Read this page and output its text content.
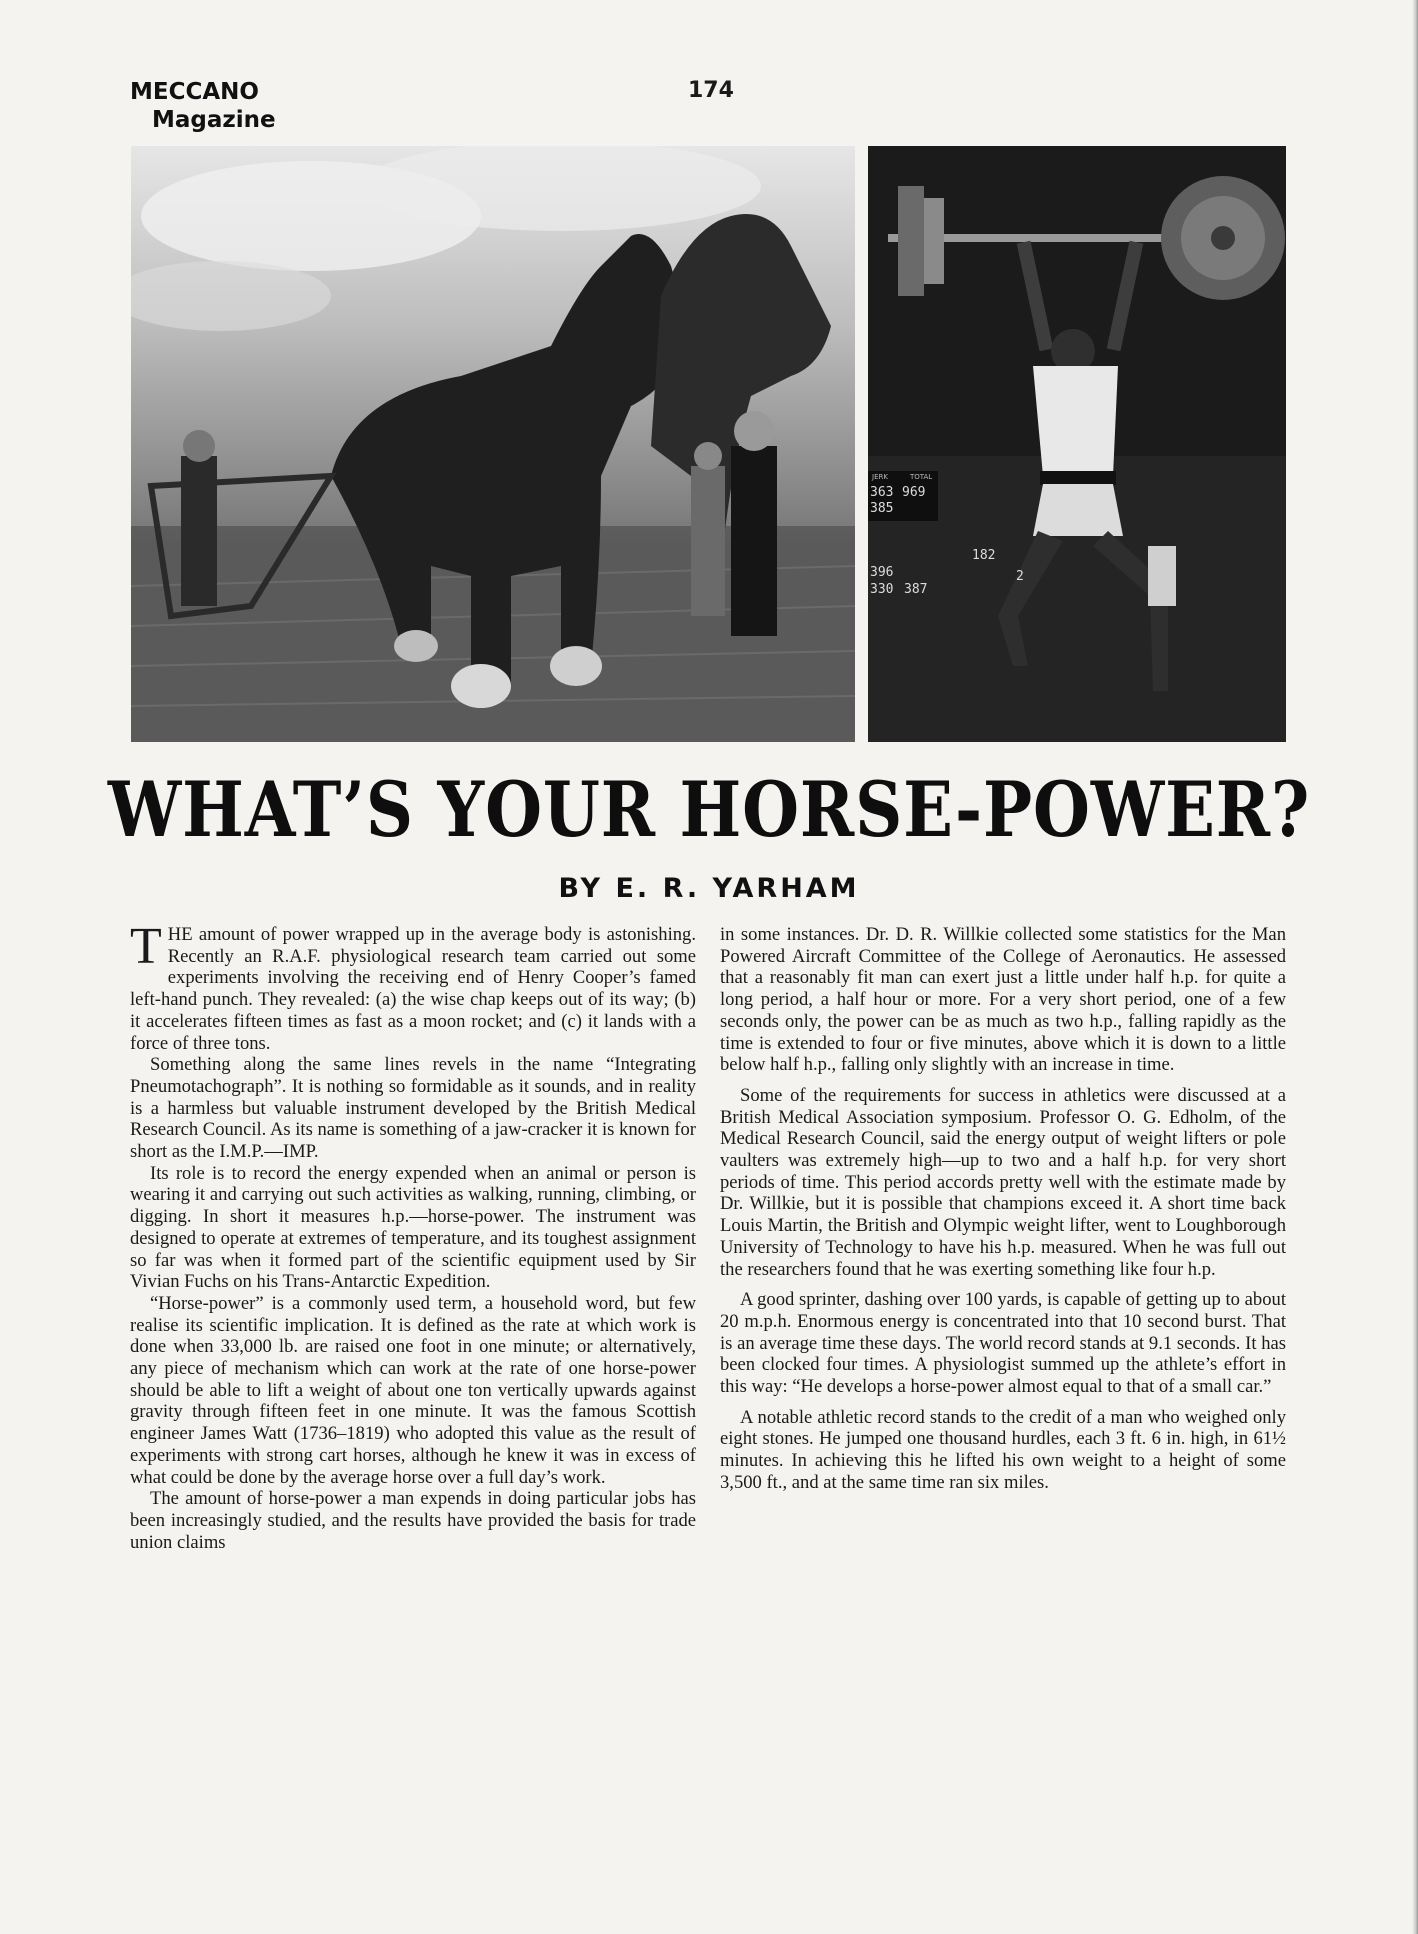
MECCANO
Magazine
174
JERK	TOTAL
363 969
385
396
330 387
182
2
WHAT’S YOUR HORSE-POWER?
BY E. R. YARHAM

THE amount of power wrapped up in the average body is astonishing. Recently an R.A.F. physiological research team carried out some experiments involving the receiving end of Henry Cooper’s famed left-hand punch. They revealed: (a) the wise chap keeps out of its way; (b) it accelerates fifteen times as fast as a moon rocket; and (c) it lands with a force of three tons.

Something along the same lines revels in the name “Integrating Pneumotachograph”. It is nothing so formidable as it sounds, and in reality is a harmless but valuable instrument developed by the British Medical Research Council. As its name is something of a jaw-cracker it is known for short as the I.M.P.—IMP.

Its role is to record the energy expended when an animal or person is wearing it and carrying out such activities as walking, running, climbing, or digging. In short it measures h.p.—horse-power. The instrument was designed to operate at extremes of temperature, and its toughest assignment so far was when it formed part of the scientific equipment used by Sir Vivian Fuchs on his Trans-Antarctic Expedition.

“Horse-power” is a commonly used term, a household word, but few realise its scientific implication. It is defined as the rate at which work is done when 33,000 lb. are raised one foot in one minute; or alternatively, any piece of mechanism which can work at the rate of one horse-power should be able to lift a weight of about one ton vertically upwards against gravity through fifteen feet in one minute. It was the famous Scottish engineer James Watt (1736–1819) who adopted this value as the result of experiments with strong cart horses, although he knew it was in excess of what could be done by the average horse over a full day’s work.

The amount of horse-power a man expends in doing particular jobs has been increasingly studied, and the results have provided the basis for trade union claims

in some instances. Dr. D. R. Willkie collected some statistics for the Man Powered Aircraft Committee of the College of Aeronautics. He assessed that a reasonably fit man can exert just a little under half h.p. for quite a long period, a half hour or more. For a very short period, one of a few seconds only, the power can be as much as two h.p., falling rapidly as the time is extended to four or five minutes, above which it is down to a little below half h.p., falling only slightly with an increase in time.

Some of the requirements for success in athletics were discussed at a British Medical Association symposium. Professor O. G. Edholm, of the Medical Research Council, said the energy output of weight lifters or pole vaulters was extremely high—up to two and a half h.p. for very short periods of time. This period accords pretty well with the estimate made by Dr. Willkie, but it is possible that champions exceed it. A short time back Louis Martin, the British and Olympic weight lifter, went to Loughborough University of Technology to have his h.p. measured. When he was full out the researchers found that he was exerting something like four h.p.

A good sprinter, dashing over 100 yards, is capable of getting up to about 20 m.p.h. Enormous energy is concentrated into that 10 second burst. That is an average time these days. The world record stands at 9.1 seconds. It has been clocked four times. A physiologist summed up the athlete’s effort in this way: “He develops a horse-power almost equal to that of a small car.”

A notable athletic record stands to the credit of a man who weighed only eight stones. He jumped one thousand hurdles, each 3 ft. 6 in. high, in 61½ minutes. In achieving this he lifted his own weight to a height of some 3,500 ft., and at the same time ran six miles.
